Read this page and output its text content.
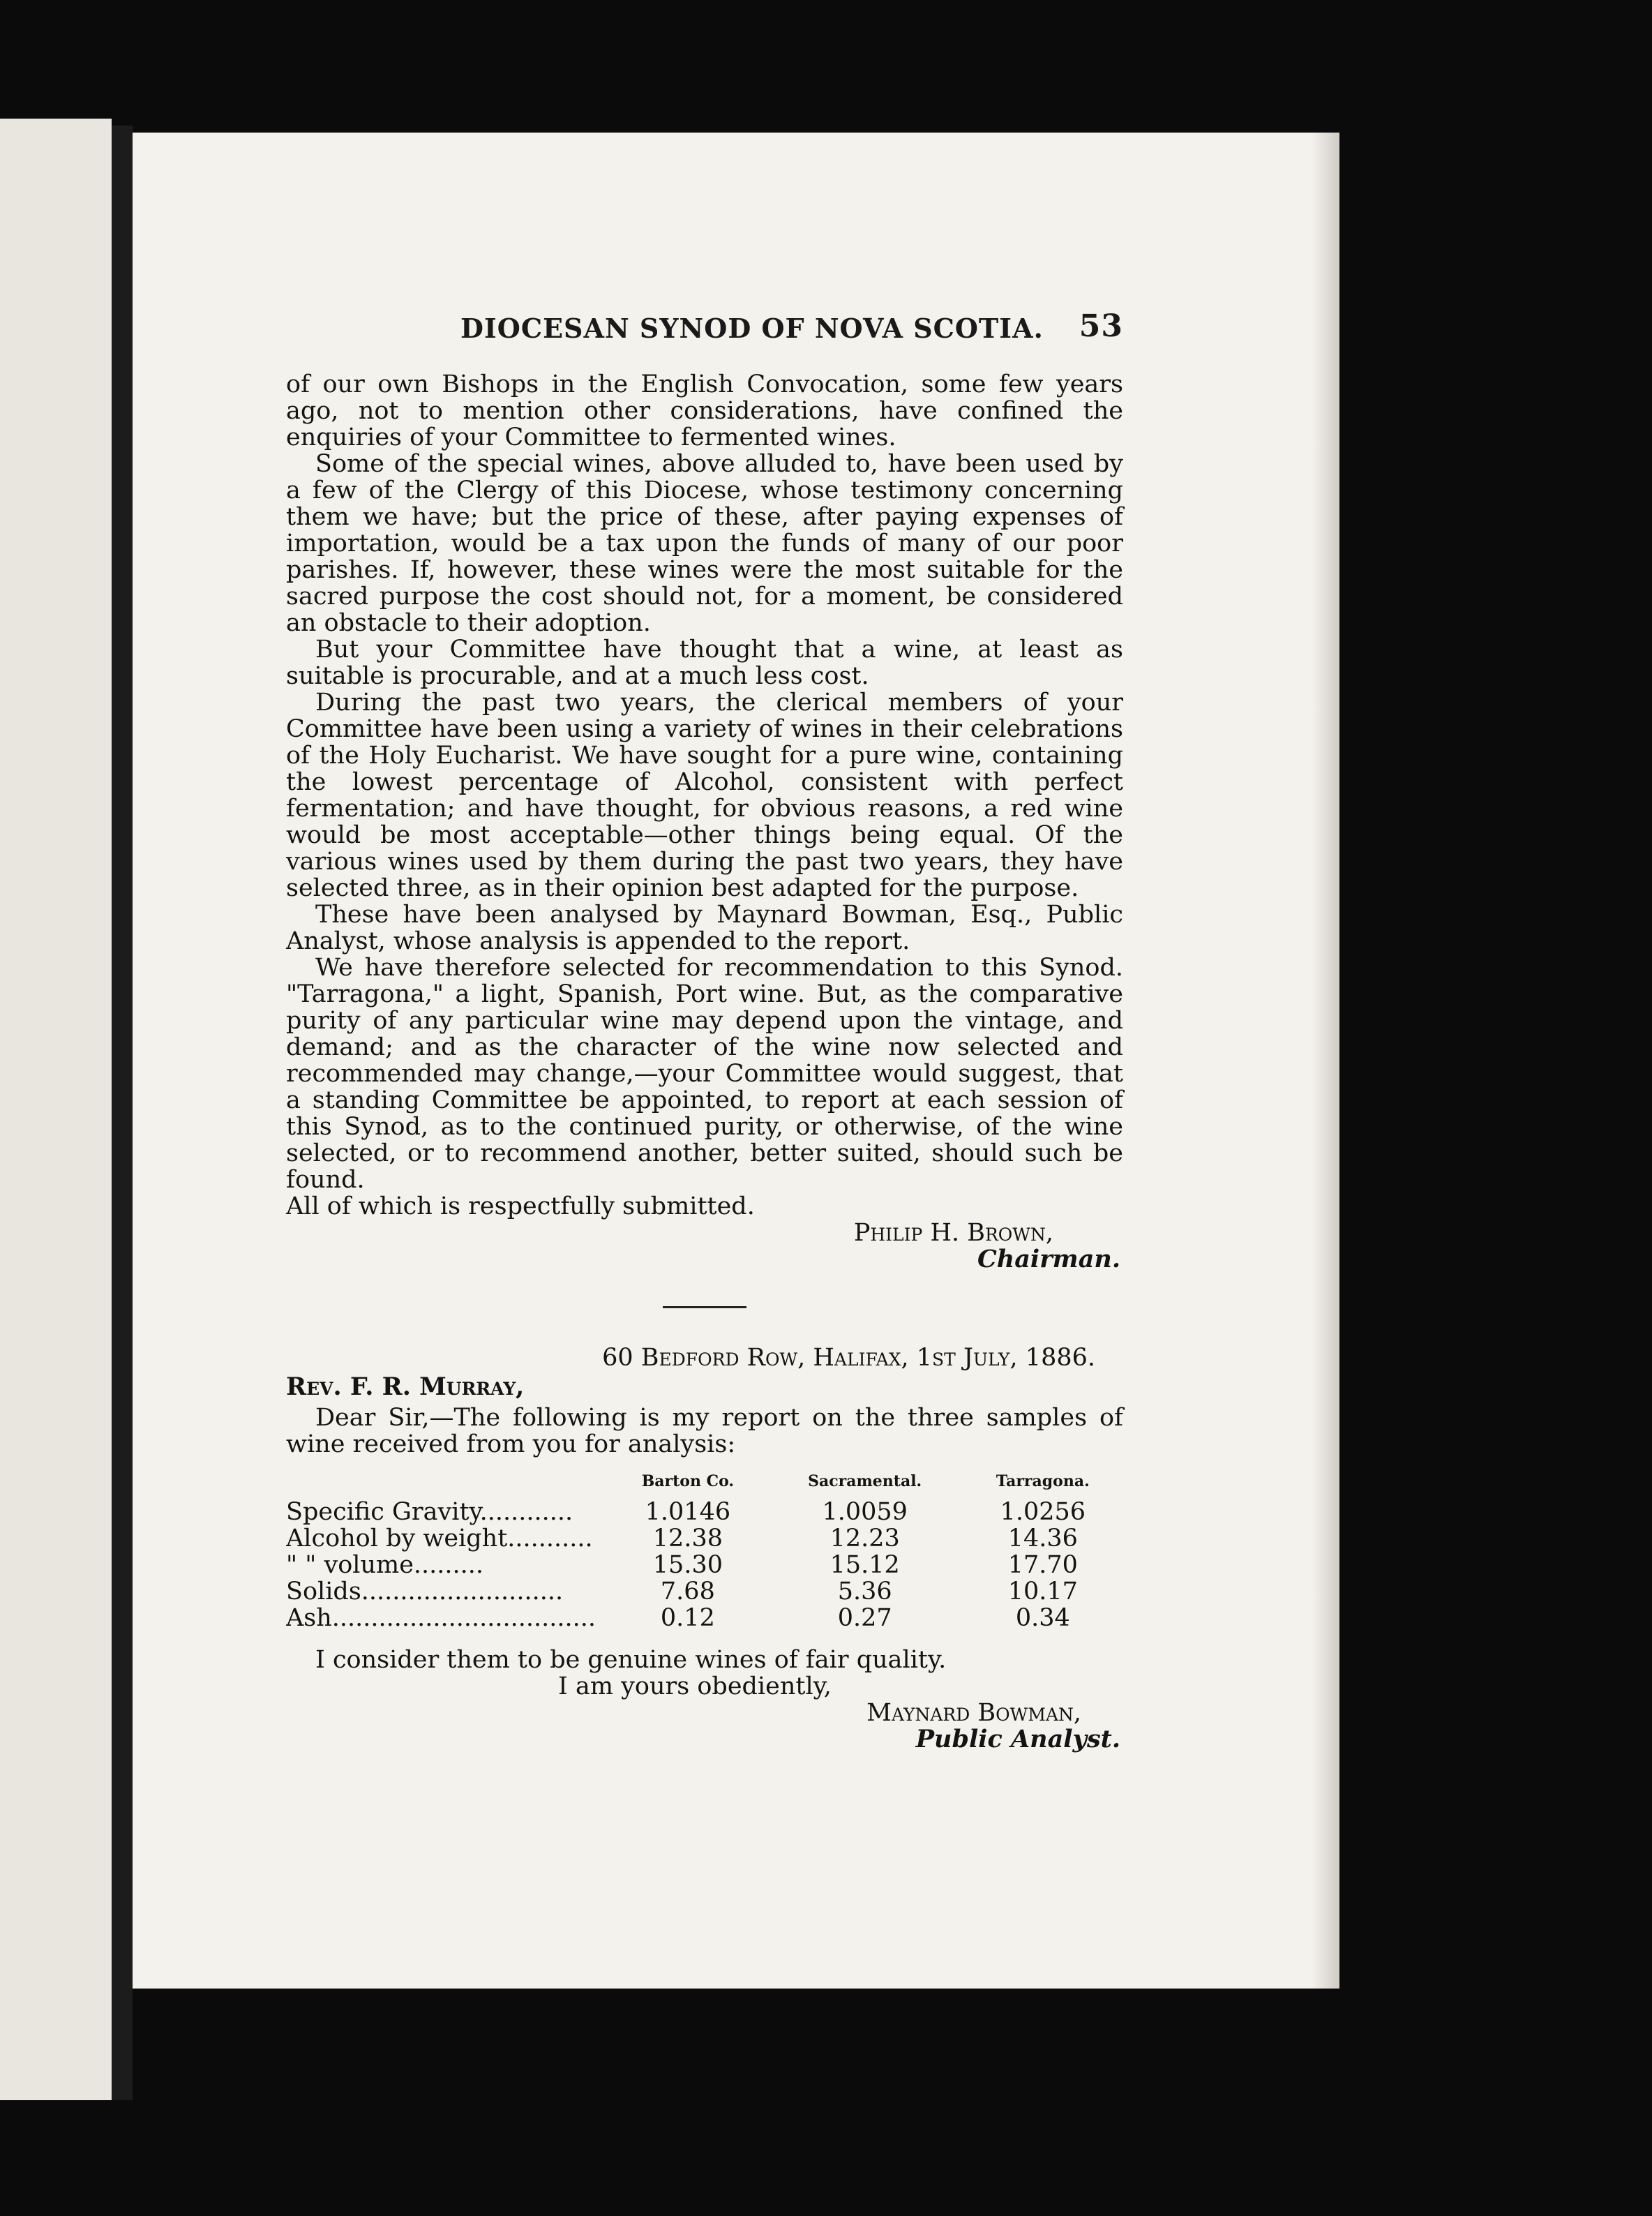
DIOCESAN SYNOD OF NOVA SCOTIA. 53

of our own Bishops in the English Convocation, some few years ago, not to mention other considerations, have confined the enquiries of your Committee to fermented wines.

Some of the special wines, above alluded to, have been used by a few of the Clergy of this Diocese, whose testimony concerning them we have; but the price of these, after paying expenses of importation, would be a tax upon the funds of many of our poor parishes. If, however, these wines were the most suitable for the sacred purpose the cost should not, for a moment, be considered an obstacle to their adoption.

But your Committee have thought that a wine, at least as suitable is procurable, and at a much less cost.

During the past two years, the clerical members of your Committee have been using a variety of wines in their celebrations of the Holy Eucharist. We have sought for a pure wine, containing the lowest percentage of Alcohol, consistent with perfect fermentation; and have thought, for obvious reasons, a red wine would be most acceptable—other things being equal. Of the various wines used by them during the past two years, they have selected three, as in their opinion best adapted for the purpose.

These have been analysed by Maynard Bowman, Esq., Public Analyst, whose analysis is appended to the report.

We have therefore selected for recommendation to this Synod. "Tarragona," a light, Spanish, Port wine. But, as the comparative purity of any particular wine may depend upon the vintage, and demand; and as the character of the wine now selected and recommended may change,—your Committee would suggest, that a standing Committee be appointed, to report at each session of this Synod, as to the continued purity, or otherwise, of the wine selected, or to recommend another, better suited, should such be found.

All of which is respectfully submitted.

Philip H. Brown,
Chairman.
60 Bedford Row, Halifax, 1st July, 1886.
Rev. F. R. Murray,

Dear Sir,—The following is my report on the three samples of wine received from you for analysis:

	Barton Co.	Sacramental.	Tarragona.
Specific Gravity............	1.0146	1.0059	1.0256
Alcohol by weight...........	12.38	12.23	14.36
" " volume.........	15.30	15.12	17.70
Solids..........................	7.68	5.36	10.17
Ash..................................	0.12	0.27	0.34

I consider them to be genuine wines of fair quality.

I am yours obediently,

Maynard Bowman,
Public Analyst.
